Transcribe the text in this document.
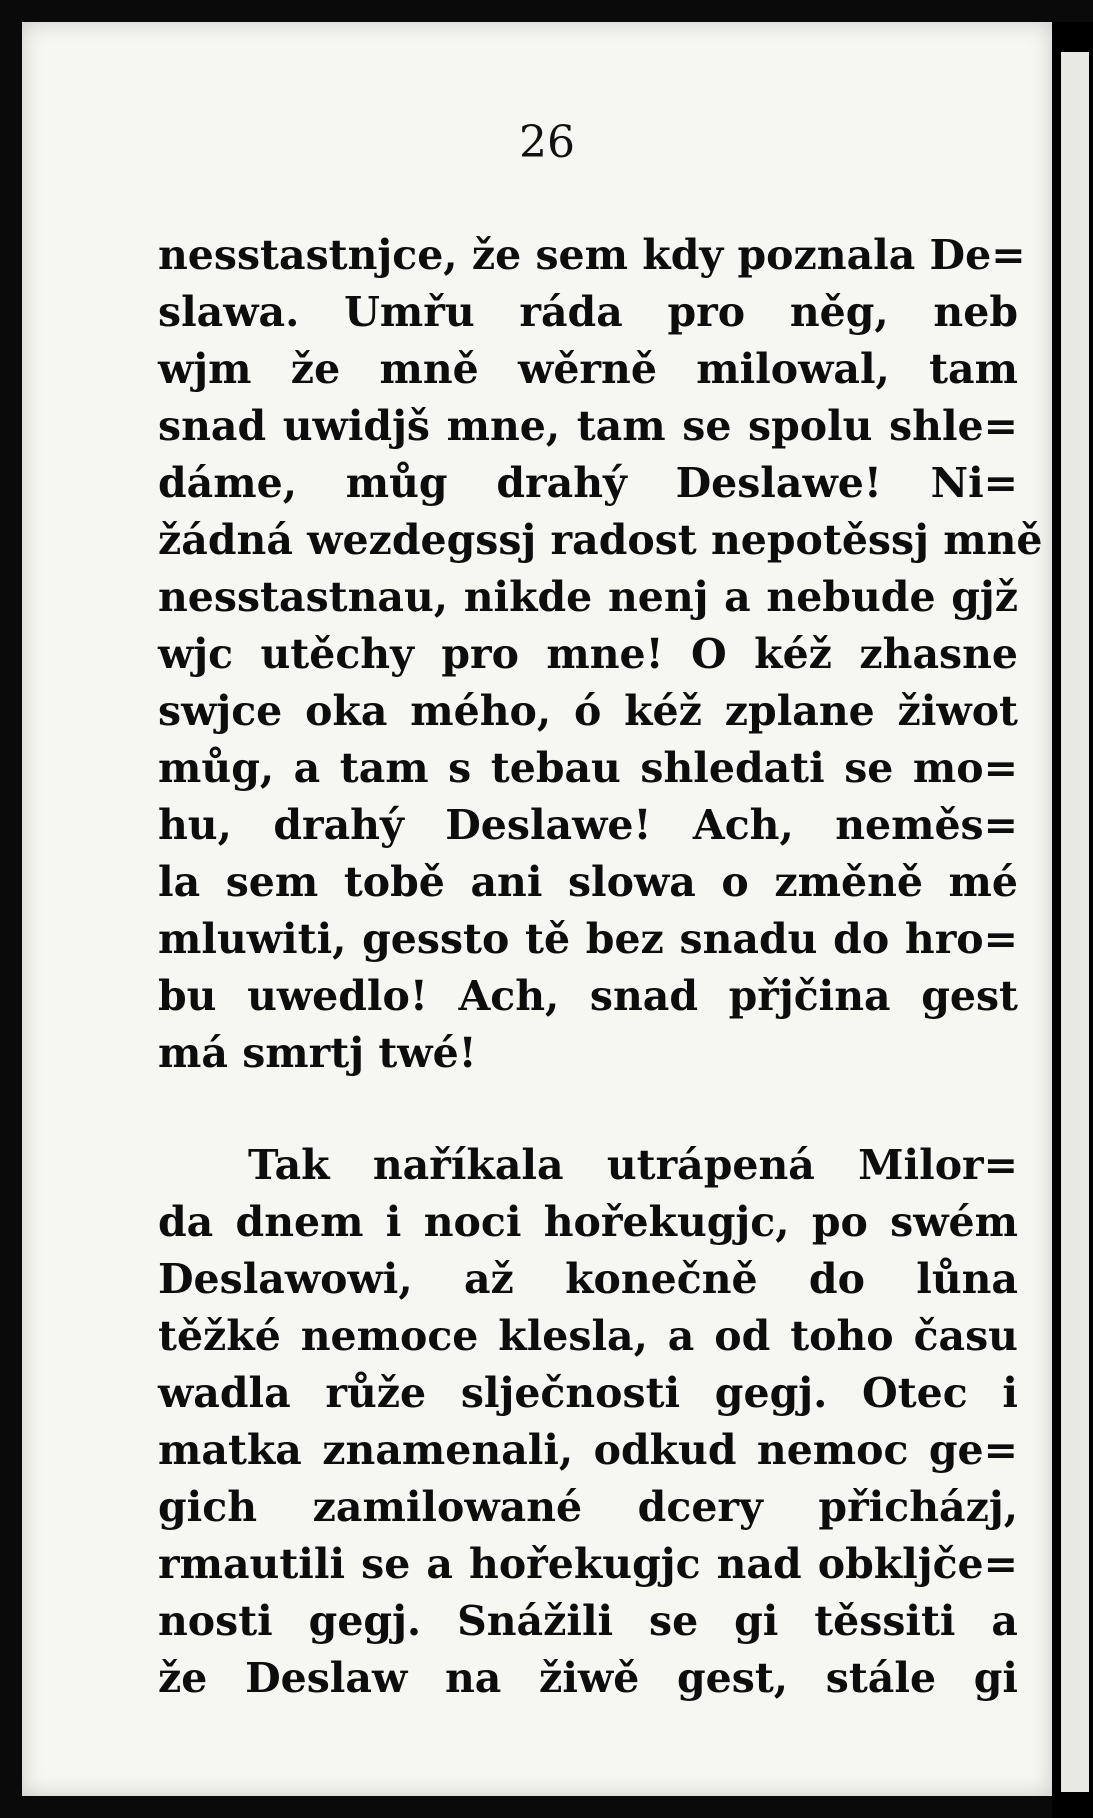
26
nesstastnjce, že sem kdy poznala De=
slawa. Umřu ráda pro něg, neb
wjm že mně wěrně milowal, tam
snad uwidjš mne, tam se spolu shle=
dáme, můg drahý Deslawe! Ni=
žádná wezdegssj radost nepotěssj mně
nesstastnau, nikde nenj a nebude gjž
wjc utěchy pro mne! O kéž zhasne
swjce oka mého, ó kéž zplane žiwot
můg, a tam s tebau shledati se mo=
hu, drahý Deslawe! Ach, neměs=
la sem tobě ani slowa o změně mé
mluwiti, gessto tě bez snadu do hro=
bu uwedlo! Ach, snad přjčina gest
má smrtj twé!
Tak naříkala utrápená Milor=
da dnem i noci hořekugjc, po swém
Deslawowi, až konečně do lůna
těžké nemoce klesla, a od toho času
wadla růže slječnosti gegj. Otec i
matka znamenali, odkud nemoc ge=
gich zamilowané dcery přicházj,
rmautili se a hořekugjc nad obkljče=
nosti gegj. Snážili se gi těssiti a
že Deslaw na žiwě gest, stále gi
